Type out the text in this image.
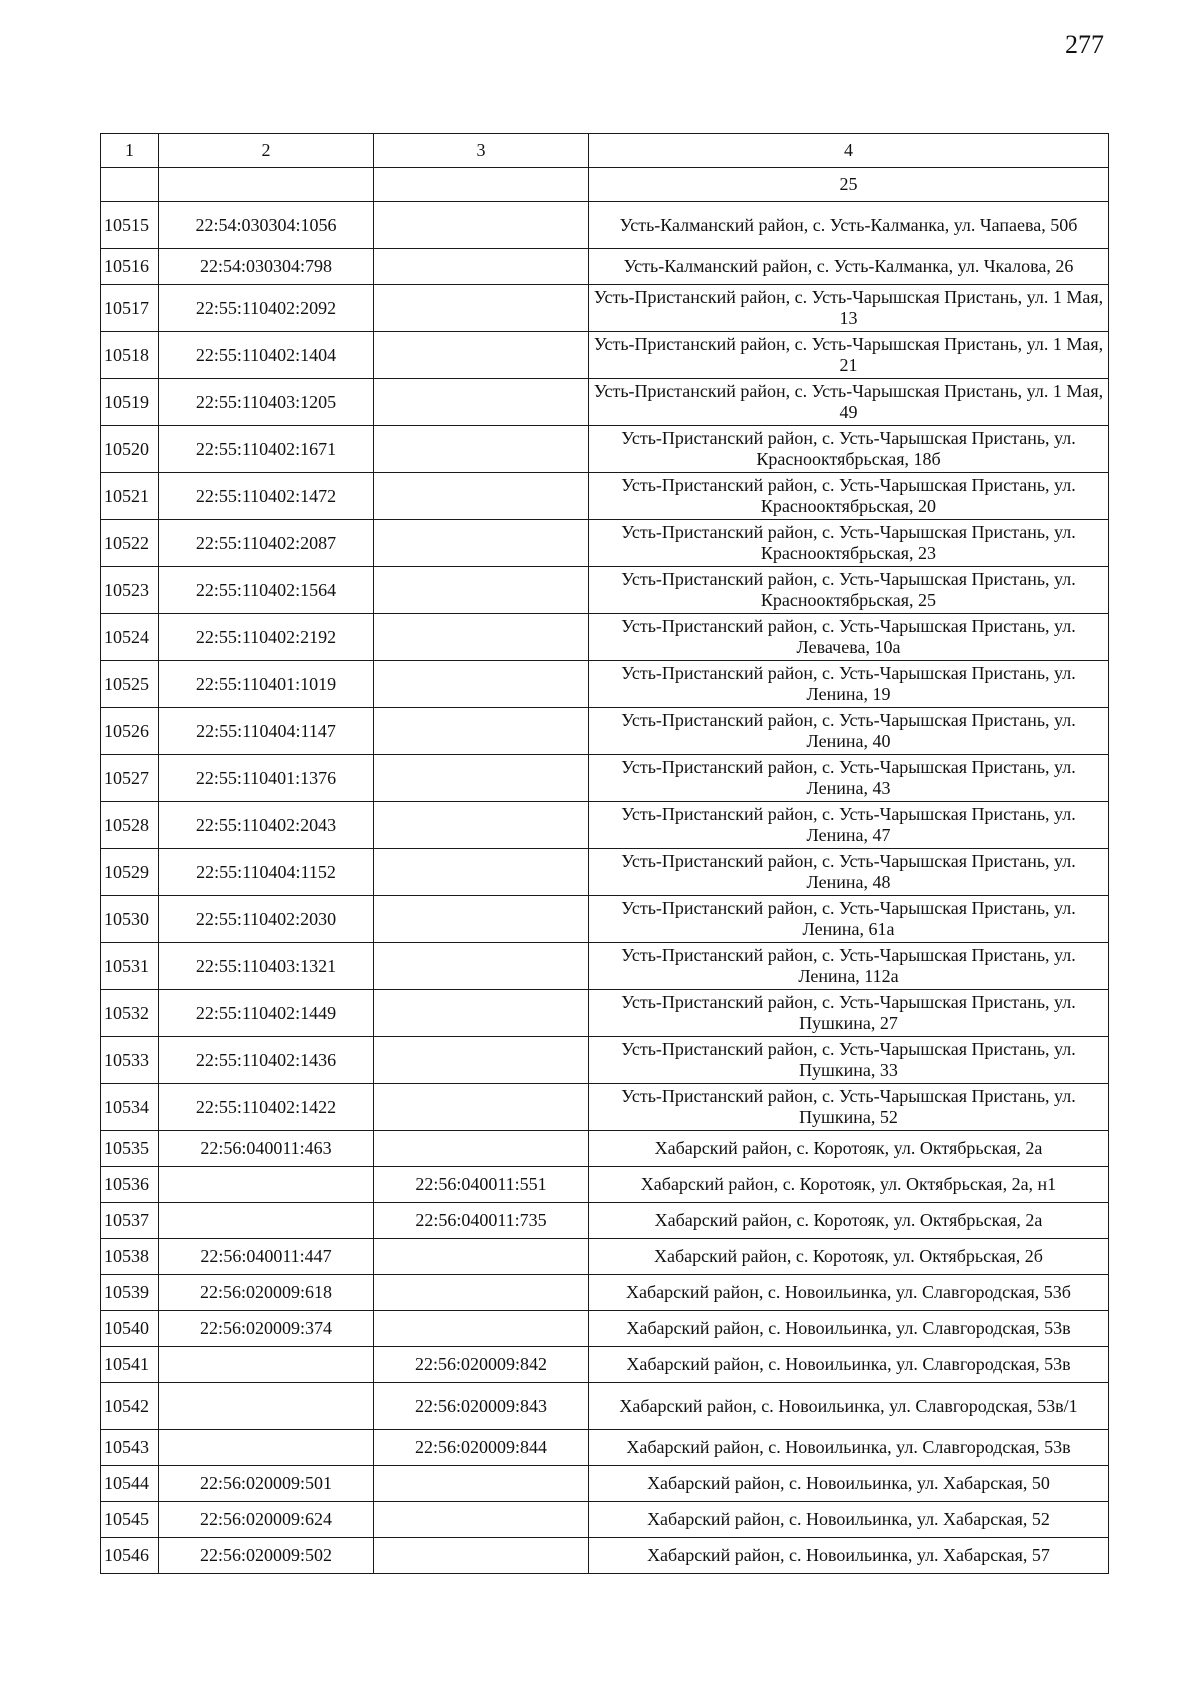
277
1	2	3	4
			25
10515	22:54:030304:1056		Усть-Калманский район, с. Усть-Калманка, ул. Чапаева, 50б
10516	22:54:030304:798		Усть-Калманский район, с. Усть-Калманка, ул. Чкалова, 26
10517	22:55:110402:2092		Усть-Пристанский район, с. Усть-Чарышская Пристань, ул. 1 Мая, 13
10518	22:55:110402:1404		Усть-Пристанский район, с. Усть-Чарышская Пристань, ул. 1 Мая, 21
10519	22:55:110403:1205		Усть-Пристанский район, с. Усть-Чарышская Пристань, ул. 1 Мая, 49
10520	22:55:110402:1671		Усть-Пристанский район, с. Усть-Чарышская Пристань, ул. Краснооктябрьская, 18б
10521	22:55:110402:1472		Усть-Пристанский район, с. Усть-Чарышская Пристань, ул. Краснооктябрьская, 20
10522	22:55:110402:2087		Усть-Пристанский район, с. Усть-Чарышская Пристань, ул. Краснооктябрьская, 23
10523	22:55:110402:1564		Усть-Пристанский район, с. Усть-Чарышская Пристань, ул. Краснооктябрьская, 25
10524	22:55:110402:2192		Усть-Пристанский район, с. Усть-Чарышская Пристань, ул. Левачева, 10а
10525	22:55:110401:1019		Усть-Пристанский район, с. Усть-Чарышская Пристань, ул. Ленина, 19
10526	22:55:110404:1147		Усть-Пристанский район, с. Усть-Чарышская Пристань, ул. Ленина, 40
10527	22:55:110401:1376		Усть-Пристанский район, с. Усть-Чарышская Пристань, ул. Ленина, 43
10528	22:55:110402:2043		Усть-Пристанский район, с. Усть-Чарышская Пристань, ул. Ленина, 47
10529	22:55:110404:1152		Усть-Пристанский район, с. Усть-Чарышская Пристань, ул. Ленина, 48
10530	22:55:110402:2030		Усть-Пристанский район, с. Усть-Чарышская Пристань, ул. Ленина, 61а
10531	22:55:110403:1321		Усть-Пристанский район, с. Усть-Чарышская Пристань, ул. Ленина, 112а
10532	22:55:110402:1449		Усть-Пристанский район, с. Усть-Чарышская Пристань, ул. Пушкина, 27
10533	22:55:110402:1436		Усть-Пристанский район, с. Усть-Чарышская Пристань, ул. Пушкина, 33
10534	22:55:110402:1422		Усть-Пристанский район, с. Усть-Чарышская Пристань, ул. Пушкина, 52
10535	22:56:040011:463		Хабарский район, с. Коротояк, ул. Октябрьская, 2а
10536		22:56:040011:551	Хабарский район, с. Коротояк, ул. Октябрьская, 2а, н1
10537		22:56:040011:735	Хабарский район, с. Коротояк, ул. Октябрьская, 2а
10538	22:56:040011:447		Хабарский район, с. Коротояк, ул. Октябрьская, 2б
10539	22:56:020009:618		Хабарский район, с. Новоильинка, ул. Славгородская, 53б
10540	22:56:020009:374		Хабарский район, с. Новоильинка, ул. Славгородская, 53в
10541		22:56:020009:842	Хабарский район, с. Новоильинка, ул. Славгородская, 53в
10542		22:56:020009:843	Хабарский район, с. Новоильинка, ул. Славгородская, 53в/1
10543		22:56:020009:844	Хабарский район, с. Новоильинка, ул. Славгородская, 53в
10544	22:56:020009:501		Хабарский район, с. Новоильинка, ул. Хабарская, 50
10545	22:56:020009:624		Хабарский район, с. Новоильинка, ул. Хабарская, 52
10546	22:56:020009:502		Хабарский район, с. Новоильинка, ул. Хабарская, 57
